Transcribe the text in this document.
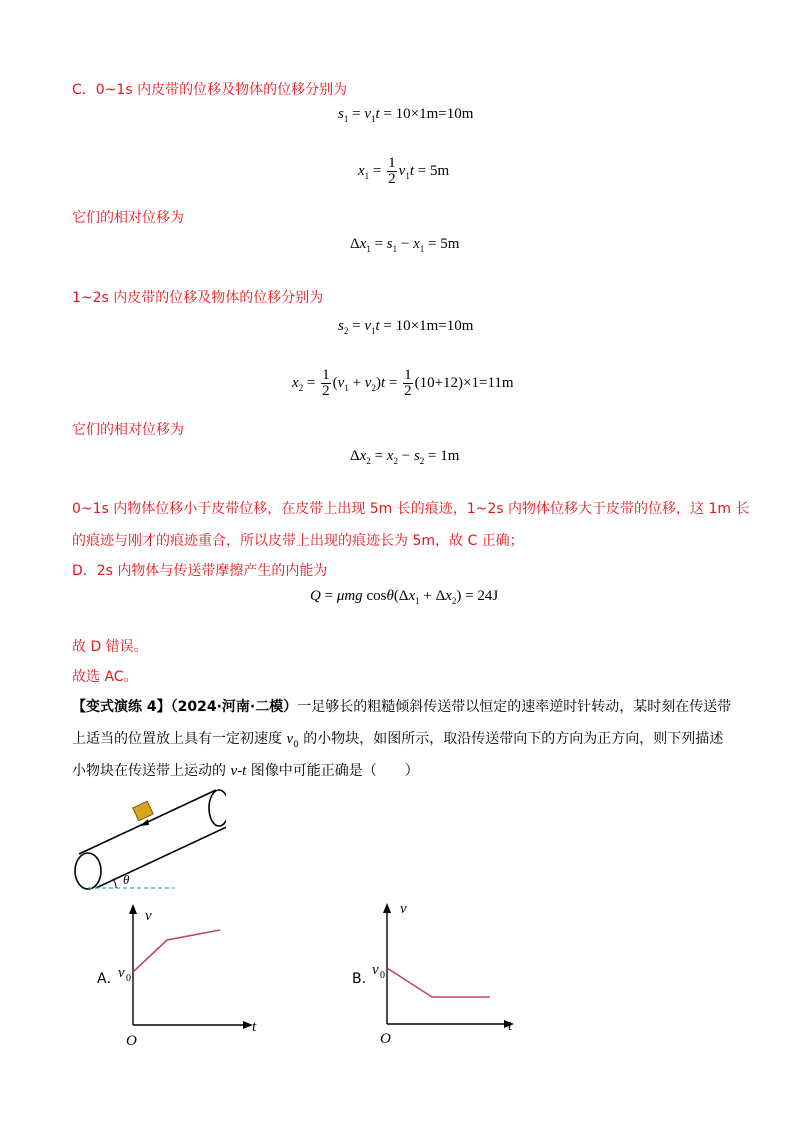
C．0~1s 内皮带的位移及物体的位移分别为
$s_1 = v_1t = 10\times 1m=10m$
$x_1 = \frac{1}{2} v_1t = 5m$
它们的相对位移为
$\Delta x_1 = s_1 - x_1 = 5m$
1~2s 内皮带的位移及物体的位移分别为
$s_2 = v_1t = 10\times 1m=10m$
$x_2 = \frac{1}{2} (v_1 + v_2)t = \frac{1}{2} (10+12)\times 1=11m$
它们的相对位移为
$\Delta x_2 = x_2 - s_2 = 1m$
0~1s 内物体位移小于皮带位移，在皮带上出现 5m 长的痕迹，1~2s 内物体位移大于皮带的位移，这 1m 长
的痕迹与刚才的痕迹重合，所以皮带上出现的痕迹长为 5m，故 C 正确；
D．2s 内物体与传送带摩擦产生的内能为
Q = μmg $\cos\theta(\Delta x_1 + \Delta x_2) = 24J$
故 D 错误。
故选 AC。
【变式演练 4】（2024·河南·二模）一足够长的粗糙倾斜传送带以恒定的速率逆时针转动，某时刻在传送带
上适当的位置放上具有一定初速度 $v_0$ 的小物块，如图所示，取沿传送带向下的方向为正方向，则下列描述
小物块在传送带上运动的 v-t 图像中可能正确是（　　）
θ
A．
v
t
O
v 0	B．
v
t
O
v 0
